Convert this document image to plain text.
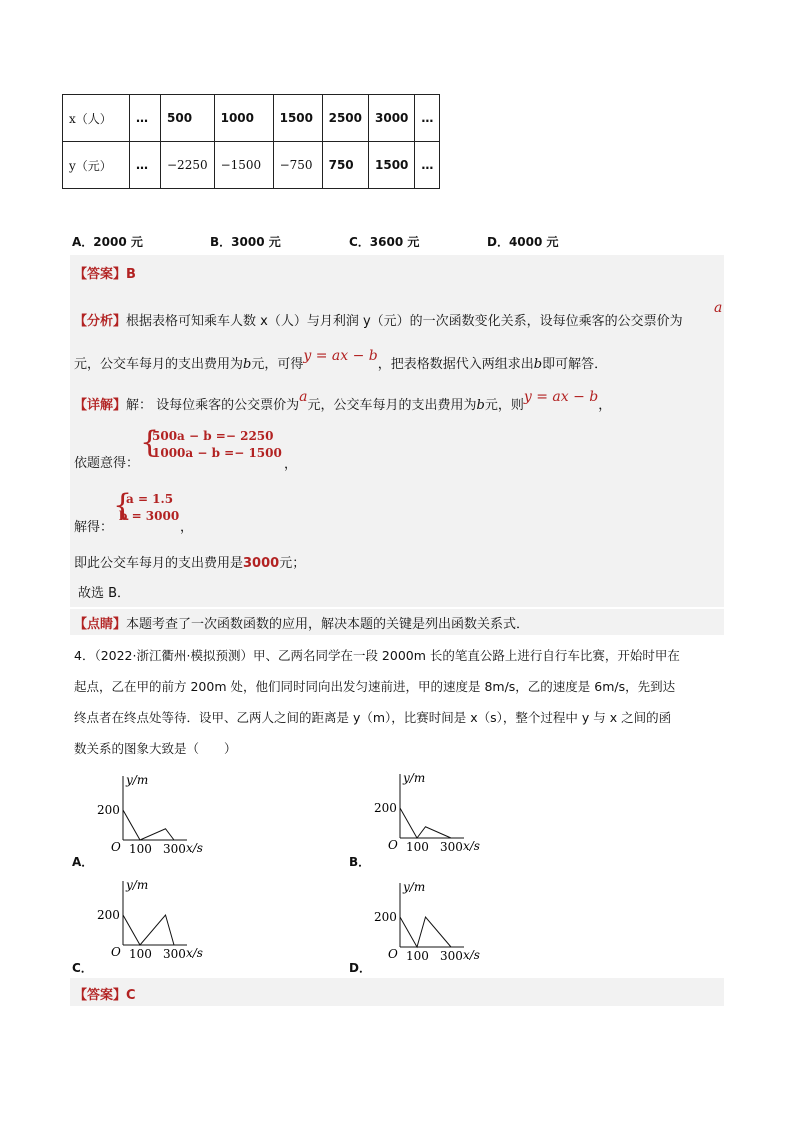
x（人）	…	500	1000	1500	2500	3000	…
y（元）	…	−2250	−1500	−750	750	1500	…
A．2000 元	B．3000 元	C．3600 元	D．4000 元
【答案】B
【分析】根据表格可知乘车人数 x（人）与月利润 y（元）的一次函数变化关系，设每位乘客的公交票价为
a
元，公交车每月的支出费用为b元，可得y = ax − b，把表格数据代入两组求出b即可解答．
【详解】解： 设每位乘客的公交票价为a元，公交车每月的支出费用为b元，则y = ax − b，
依题意得：
{
500a − b =− 2250
1000a − b =− 1500
，
解得：
{
a = 1.5
b = 3000
，
即此公交车每月的支出费用是3000元；
故选 B．
【点睛】本题考查了一次函数函数的应用，解决本题的关键是列出函数关系式．
4．（2022·浙江衢州·模拟预测）甲、乙两名同学在一段 2000m 长的笔直公路上进行自行车比赛，开始时甲在
起点，乙在甲的前方 200m 处，他们同时同向出发匀速前进，甲的速度是 8m/s，乙的速度是 6m/s，先到达
终点者在终点处等待．设甲、乙两人之间的距离是 y（m），比赛时间是 x（s），整个过程中 y 与 x 之间的函
数关系的图象大致是（　　）
y/m
x/s
O
200
100 300
A．
y/m
x/s
O
200
100 300
B．
y/m
x/s
O
200
100 300
C．
y/m
x/s
O
200
100 300
D．
【答案】C
